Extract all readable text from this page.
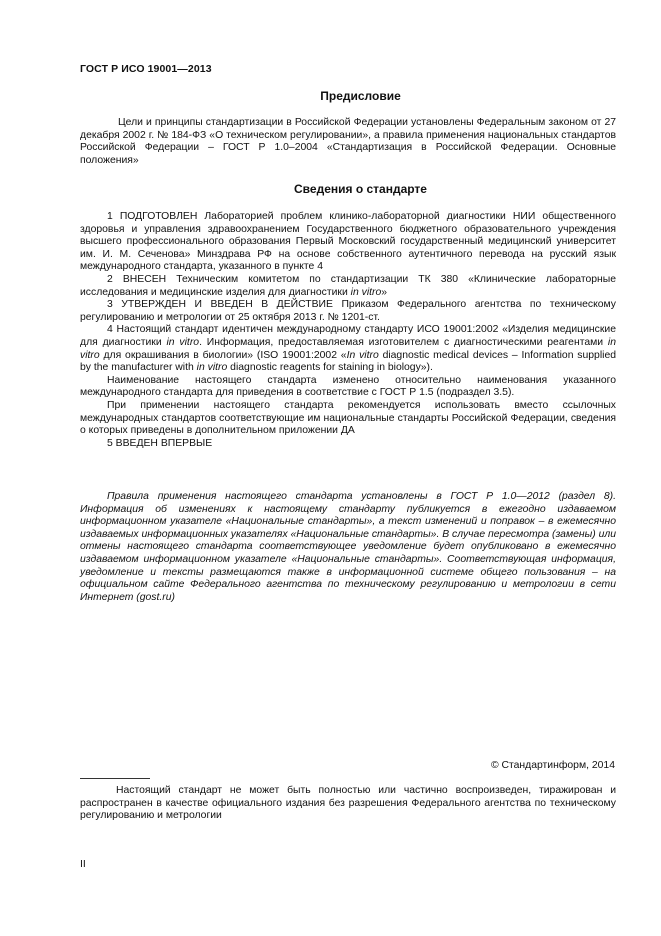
ГОСТ Р ИСО 19001—2013
Предисловие

Цели и принципы стандартизации в Российской Федерации установлены Федеральным законом от 27 декабря 2002 г. № 184-ФЗ «О техническом регулировании», а правила применения национальных стандартов Российской Федерации – ГОСТ Р 1.0–2004 «Стандартизация в Российской Федерации. Основные положения»

Сведения о стандарте

1 ПОДГОТОВЛЕН Лабораторией проблем клинико-лабораторной диагностики НИИ общественного здоровья и управления здравоохранением Государственного бюджетного образовательного учреждения высшего профессионального образования Первый Московский государственный медицинский университет им. И. М. Сеченова» Минздрава РФ на основе собственного аутентичного перевода на русский язык международного стандарта, указанного в пункте 4

2 ВНЕСЕН Техническим комитетом по стандартизации ТК 380 «Клинические лабораторные исследования и медицинские изделия для диагностики in vitro»

3 УТВЕРЖДЕН И ВВЕДЕН В ДЕЙСТВИЕ Приказом Федерального агентства по техническому регулированию и метрологии от 25 октября 2013 г. № 1201-ст.

4 Настоящий стандарт идентичен международному стандарту ИСО 19001:2002 «Изделия медицинские для диагностики in vitro. Информация, предоставляемая изготовителем с диагностическими реагентами in vitro для окрашивания в биологии» (ISO 19001:2002 «In vitro diagnostic medical devices – Information supplied by the manufacturer with in vitro diagnostic reagents for staining in biology»).

Наименование настоящего стандарта изменено относительно наименования указанного международного стандарта для приведения в соответствие с ГОСТ Р 1.5 (подраздел 3.5).

При применении настоящего стандарта рекомендуется использовать вместо ссылочных международных стандартов соответствующие им национальные стандарты Российской Федерации, сведения о которых приведены в дополнительном приложении ДА

5 ВВЕДЕН ВПЕРВЫЕ

Правила применения настоящего стандарта установлены в ГОСТ Р 1.0—2012 (раздел 8). Информация об изменениях к настоящему стандарту публикуется в ежегодно издаваемом информационном указателе «Национальные стандарты», а текст изменений и поправок – в ежемесячно издаваемых информационных указателях «Национальные стандарты». В случае пересмотра (замены) или отмены настоящего стандарта соответствующее уведомление будет опубликовано в ежемесячно издаваемом информационном указателе «Национальные стандарты». Соответствующая информация, уведомление и тексты размещаются также в информационной системе общего пользования – на официальном сайте Федерального агентства по техническому регулированию и метрологии в сети Интернет (gost.ru)

© Стандартинформ, 2014

Настоящий стандарт не может быть полностью или частично воспроизведен, тиражирован и распространен в качестве официального издания без разрешения Федерального агентства по техническому регулированию и метрологии

II
